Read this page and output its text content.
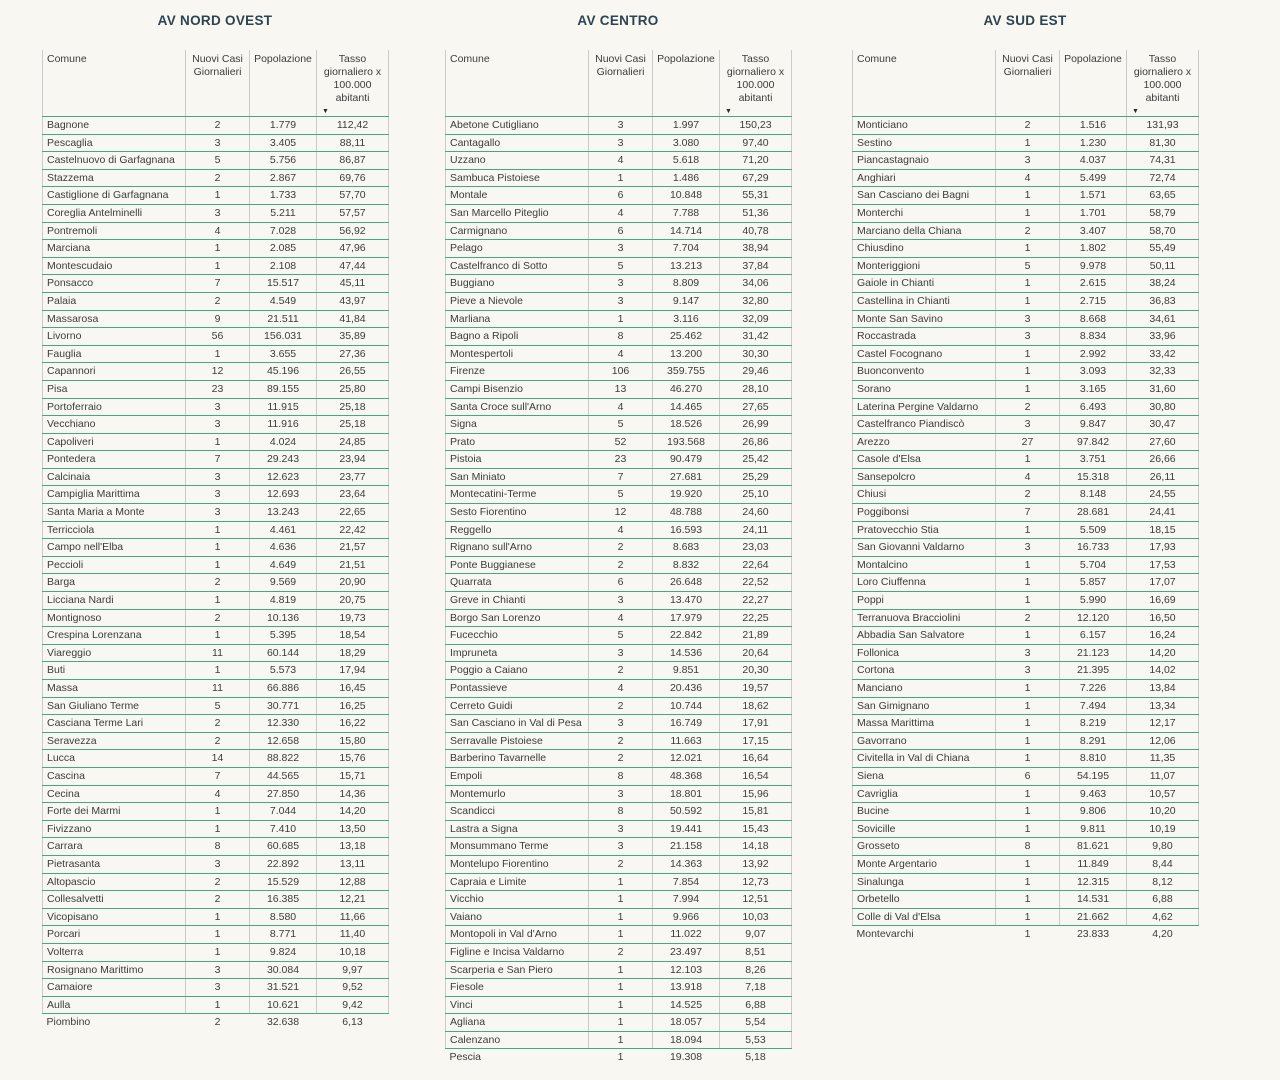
AV NORD OVEST
Comune	Nuovi Casi Giornalieri	Popolazione	Tasso giornaliero x 100.000 abitanti
▼

Bagnone	2	1.779	112,42
Pescaglia	3	3.405	88,11
Castelnuovo di Garfagnana	5	5.756	86,87
Stazzema	2	2.867	69,76
Castiglione di Garfagnana	1	1.733	57,70
Coreglia Antelminelli	3	5.211	57,57
Pontremoli	4	7.028	56,92
Marciana	1	2.085	47,96
Montescudaio	1	2.108	47,44
Ponsacco	7	15.517	45,11
Palaia	2	4.549	43,97
Massarosa	9	21.511	41,84
Livorno	56	156.031	35,89
Fauglia	1	3.655	27,36
Capannori	12	45.196	26,55
Pisa	23	89.155	25,80
Portoferraio	3	11.915	25,18
Vecchiano	3	11.916	25,18
Capoliveri	1	4.024	24,85
Pontedera	7	29.243	23,94
Calcinaia	3	12.623	23,77
Campiglia Marittima	3	12.693	23,64
Santa Maria a Monte	3	13.243	22,65
Terricciola	1	4.461	22,42
Campo nell'Elba	1	4.636	21,57
Peccioli	1	4.649	21,51
Barga	2	9.569	20,90
Licciana Nardi	1	4.819	20,75
Montignoso	2	10.136	19,73
Crespina Lorenzana	1	5.395	18,54
Viareggio	11	60.144	18,29
Buti	1	5.573	17,94
Massa	11	66.886	16,45
San Giuliano Terme	5	30.771	16,25
Casciana Terme Lari	2	12.330	16,22
Seravezza	2	12.658	15,80
Lucca	14	88.822	15,76
Cascina	7	44.565	15,71
Cecina	4	27.850	14,36
Forte dei Marmi	1	7.044	14,20
Fivizzano	1	7.410	13,50
Carrara	8	60.685	13,18
Pietrasanta	3	22.892	13,11
Altopascio	2	15.529	12,88
Collesalvetti	2	16.385	12,21
Vicopisano	1	8.580	11,66
Porcari	1	8.771	11,40
Volterra	1	9.824	10,18
Rosignano Marittimo	3	30.084	9,97
Camaiore	3	31.521	9,52
Aulla	1	10.621	9,42
Piombino	2	32.638	6,13
AV CENTRO
Comune	Nuovi Casi Giornalieri	Popolazione	Tasso giornaliero x 100.000 abitanti
▼

Abetone Cutigliano	3	1.997	150,23
Cantagallo	3	3.080	97,40
Uzzano	4	5.618	71,20
Sambuca Pistoiese	1	1.486	67,29
Montale	6	10.848	55,31
San Marcello Piteglio	4	7.788	51,36
Carmignano	6	14.714	40,78
Pelago	3	7.704	38,94
Castelfranco di Sotto	5	13.213	37,84
Buggiano	3	8.809	34,06
Pieve a Nievole	3	9.147	32,80
Marliana	1	3.116	32,09
Bagno a Ripoli	8	25.462	31,42
Montespertoli	4	13.200	30,30
Firenze	106	359.755	29,46
Campi Bisenzio	13	46.270	28,10
Santa Croce sull'Arno	4	14.465	27,65
Signa	5	18.526	26,99
Prato	52	193.568	26,86
Pistoia	23	90.479	25,42
San Miniato	7	27.681	25,29
Montecatini-Terme	5	19.920	25,10
Sesto Fiorentino	12	48.788	24,60
Reggello	4	16.593	24,11
Rignano sull'Arno	2	8.683	23,03
Ponte Buggianese	2	8.832	22,64
Quarrata	6	26.648	22,52
Greve in Chianti	3	13.470	22,27
Borgo San Lorenzo	4	17.979	22,25
Fucecchio	5	22.842	21,89
Impruneta	3	14.536	20,64
Poggio a Caiano	2	9.851	20,30
Pontassieve	4	20.436	19,57
Cerreto Guidi	2	10.744	18,62
San Casciano in Val di Pesa	3	16.749	17,91
Serravalle Pistoiese	2	11.663	17,15
Barberino Tavarnelle	2	12.021	16,64
Empoli	8	48.368	16,54
Montemurlo	3	18.801	15,96
Scandicci	8	50.592	15,81
Lastra a Signa	3	19.441	15,43
Monsummano Terme	3	21.158	14,18
Montelupo Fiorentino	2	14.363	13,92
Capraia e Limite	1	7.854	12,73
Vicchio	1	7.994	12,51
Vaiano	1	9.966	10,03
Montopoli in Val d'Arno	1	11.022	9,07
Figline e Incisa Valdarno	2	23.497	8,51
Scarperia e San Piero	1	12.103	8,26
Fiesole	1	13.918	7,18
Vinci	1	14.525	6,88
Agliana	1	18.057	5,54
Calenzano	1	18.094	5,53
Pescia	1	19.308	5,18
AV SUD EST
Comune	Nuovi Casi Giornalieri	Popolazione	Tasso giornaliero x 100.000 abitanti
▼

Monticiano	2	1.516	131,93
Sestino	1	1.230	81,30
Piancastagnaio	3	4.037	74,31
Anghiari	4	5.499	72,74
San Casciano dei Bagni	1	1.571	63,65
Monterchi	1	1.701	58,79
Marciano della Chiana	2	3.407	58,70
Chiusdino	1	1.802	55,49
Monteriggioni	5	9.978	50,11
Gaiole in Chianti	1	2.615	38,24
Castellina in Chianti	1	2.715	36,83
Monte San Savino	3	8.668	34,61
Roccastrada	3	8.834	33,96
Castel Focognano	1	2.992	33,42
Buonconvento	1	3.093	32,33
Sorano	1	3.165	31,60
Laterina Pergine Valdarno	2	6.493	30,80
Castelfranco Piandiscò	3	9.847	30,47
Arezzo	27	97.842	27,60
Casole d'Elsa	1	3.751	26,66
Sansepolcro	4	15.318	26,11
Chiusi	2	8.148	24,55
Poggibonsi	7	28.681	24,41
Pratovecchio Stia	1	5.509	18,15
San Giovanni Valdarno	3	16.733	17,93
Montalcino	1	5.704	17,53
Loro Ciuffenna	1	5.857	17,07
Poppi	1	5.990	16,69
Terranuova Bracciolini	2	12.120	16,50
Abbadia San Salvatore	1	6.157	16,24
Follonica	3	21.123	14,20
Cortona	3	21.395	14,02
Manciano	1	7.226	13,84
San Gimignano	1	7.494	13,34
Massa Marittima	1	8.219	12,17
Gavorrano	1	8.291	12,06
Civitella in Val di Chiana	1	8.810	11,35
Siena	6	54.195	11,07
Cavriglia	1	9.463	10,57
Bucine	1	9.806	10,20
Sovicille	1	9.811	10,19
Grosseto	8	81.621	9,80
Monte Argentario	1	11.849	8,44
Sinalunga	1	12.315	8,12
Orbetello	1	14.531	6,88
Colle di Val d'Elsa	1	21.662	4,62
Montevarchi	1	23.833	4,20
